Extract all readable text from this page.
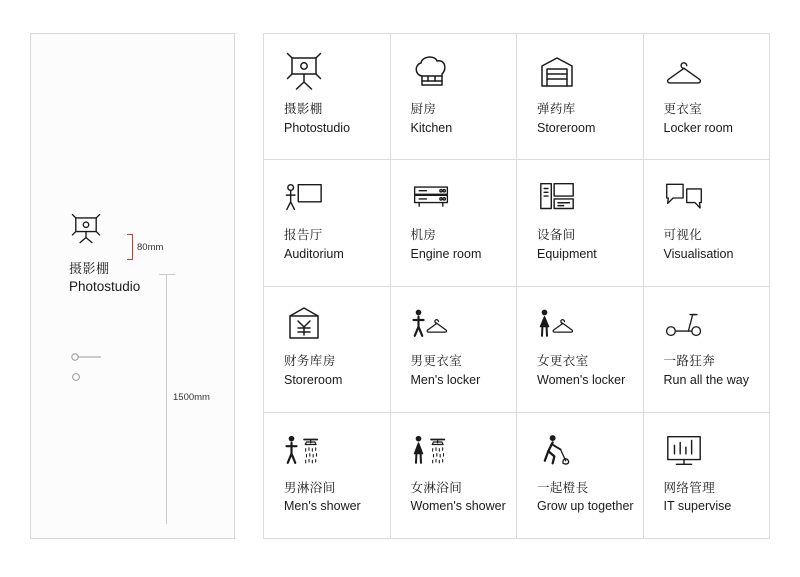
摄影棚
Photostudio
80mm
1500mm
摄影棚
Photostudio
厨房
Kitchen
弹药库
Storeroom
更衣室
Locker room
报告厅
Auditorium
机房
Engine room
设备间
Equipment
可视化
Visualisation
财务库房
Storeroom
男更衣室
Men's locker
女更衣室
Women's locker
一路狂奔
Run all the way
男淋浴间
Men's shower
女淋浴间
Women's shower
一起橙長
Grow up together
网络管理
IT supervise
